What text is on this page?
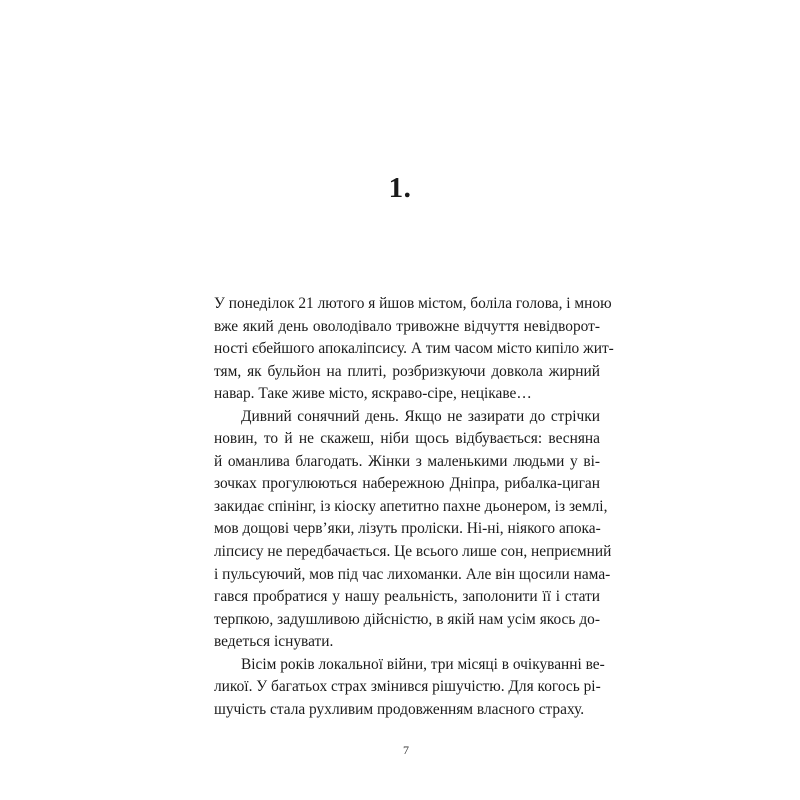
1.
У понеділок 21 лютого я йшов містом, боліла голова, і мною
вже який день оволодівало тривожне відчуття невідворот-
ності єбейшого апокаліпсису. А тим часом місто кипіло жит-
тям, як бульйон на плиті, розбризкуючи довкола жирний
навар. Таке живе місто, яскраво-сіре, нецікаве…
Дивний сонячний день. Якщо не зазирати до стрічки
новин, то й не скажеш, ніби щось відбувається: весняна
й оманлива благодать. Жінки з маленькими людьми у ві-
зочках прогулюються набережною Дніпра, рибалка-циган
закидає спінінг, із кіоску апетитно пахне дьонером, із землі,
мов дощові черв’яки, лізуть проліски. Ні-ні, ніякого апока-
ліпсису не передбачається. Це всього лише сон, неприємний
і пульсуючий, мов під час лихоманки. Але він щосили нама-
гався пробратися у нашу реальність, заполонити її і стати
терпкою, задушливою дійсністю, в якій нам усім якось до-
ведеться існувати.
Вісім років локальної війни, три місяці в очікуванні ве-
ликої. У багатьох страх змінився рішучістю. Для когось рі-
шучість стала рухливим продовженням власного страху.
7
